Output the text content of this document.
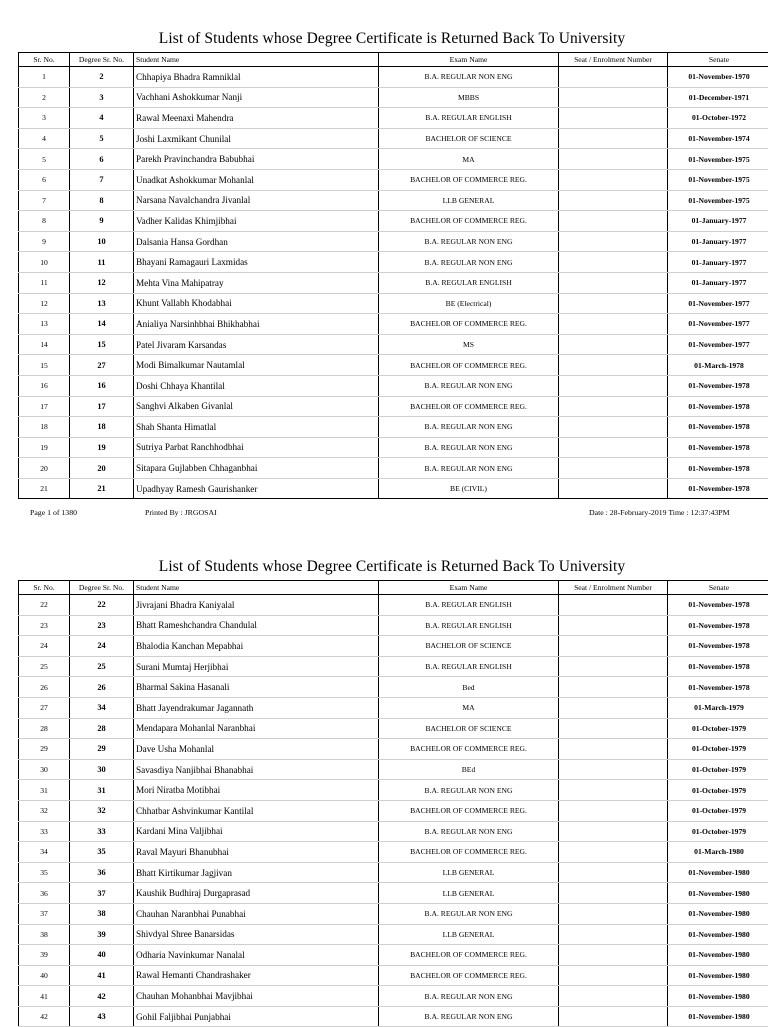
List of Students whose Degree Certificate is Returned Back To University
Sr. No.	Degree Sr. No.	Student Name	Exam Name	Seat / Enrolment Number	Senate
1	2	Chhapiya Bhadra Ramniklal	B.A. REGULAR NON ENG		01-November-1970
2	3	Vachhani Ashokkumar Nanji	MBBS		01-December-1971
3	4	Rawal Meenaxi Mahendra	B.A. REGULAR ENGLISH		01-October-1972
4	5	Joshi Laxmikant Chunilal	BACHELOR OF SCIENCE		01-November-1974
5	6	Parekh Pravinchandra Babubhai	MA		01-November-1975
6	7	Unadkat Ashokkumar Mohanlal	BACHELOR OF COMMERCE REG.		01-November-1975
7	8	Narsana Navalchandra Jivanlal	LLB GENERAL		01-November-1975
8	9	Vadher Kalidas Khimjibhai	BACHELOR OF COMMERCE REG.		01-January-1977
9	10	Dalsania Hansa Gordhan	B.A. REGULAR NON ENG		01-January-1977
10	11	Bhayani Ramagauri Laxmidas	B.A. REGULAR NON ENG		01-January-1977
11	12	Mehta Vina Mahipatray	B.A. REGULAR ENGLISH		01-January-1977
12	13	Khunt Vallabh Khodabhai	BE (Electrical)		01-November-1977
13	14	Anialiya Narsinhbhai Bhikhabhai	BACHELOR OF COMMERCE REG.		01-November-1977
14	15	Patel Jivaram Karsandas	MS		01-November-1977
15	27	Modi Bimalkumar Nautamlal	BACHELOR OF COMMERCE REG.		01-March-1978
16	16	Doshi Chhaya Khantilal	B.A. REGULAR NON ENG		01-November-1978
17	17	Sanghvi Alkaben Givanlal	BACHELOR OF COMMERCE REG.		01-November-1978
18	18	Shah Shanta Himatlal	B.A. REGULAR NON ENG		01-November-1978
19	19	Sutriya Parbat Ranchhodbhai	B.A. REGULAR NON ENG		01-November-1978
20	20	Sitapara Gujlabben Chhaganbhai	B.A. REGULAR NON ENG		01-November-1978
21	21	Upadhyay Ramesh Gaurishanker	BE (CIVIL)		01-November-1978
Page 1 of 1380	Printed By : JRGOSAI	Date : 28-February-2019 Time : 12:37:43PM
List of Students whose Degree Certificate is Returned Back To University
Sr. No.	Degree Sr. No.	Student Name	Exam Name	Seat / Enrolment Number	Senate
22	22	Jivrajani Bhadra Kaniyalal	B.A. REGULAR ENGLISH		01-November-1978
23	23	Bhatt Rameshchandra Chandulal	B.A. REGULAR ENGLISH		01-November-1978
24	24	Bhalodia Kanchan Mepabhai	BACHELOR OF SCIENCE		01-November-1978
25	25	Surani Mumtaj Herjibhai	B.A. REGULAR ENGLISH		01-November-1978
26	26	Bharmal Sakina Hasanali	Bed		01-November-1978
27	34	Bhatt Jayendrakumar Jagannath	MA		01-March-1979
28	28	Mendapara Mohanlal Naranbhai	BACHELOR OF SCIENCE		01-October-1979
29	29	Dave Usha Mohanlal	BACHELOR OF COMMERCE REG.		01-October-1979
30	30	Savasdiya Nanjibhai Bhanabhai	BEd		01-October-1979
31	31	Mori Niratba Motibhai	B.A. REGULAR NON ENG		01-October-1979
32	32	Chhatbar Ashvinkumar Kantilal	BACHELOR OF COMMERCE REG.		01-October-1979
33	33	Kardani Mina Valjibhai	B.A. REGULAR NON ENG		01-October-1979
34	35	Raval Mayuri Bhanubhai	BACHELOR OF COMMERCE REG.		01-March-1980
35	36	Bhatt Kirtikumar Jagjivan	LLB GENERAL		01-November-1980
36	37	Kaushik Budhiraj Durgaprasad	LLB GENERAL		01-November-1980
37	38	Chauhan Naranbhai Punabhai	B.A. REGULAR NON ENG		01-November-1980
38	39	Shivdyal Shree Banarsidas	LLB GENERAL		01-November-1980
39	40	Odharia Navinkumar Nanalal	BACHELOR OF COMMERCE REG.		01-November-1980
40	41	Rawal Hemanti Chandrashaker	BACHELOR OF COMMERCE REG.		01-November-1980
41	42	Chauhan Mohanbhai Mavjibhai	B.A. REGULAR NON ENG		01-November-1980
42	43	Gohil Faljibhai Punjabhai	B.A. REGULAR NON ENG		01-November-1980
